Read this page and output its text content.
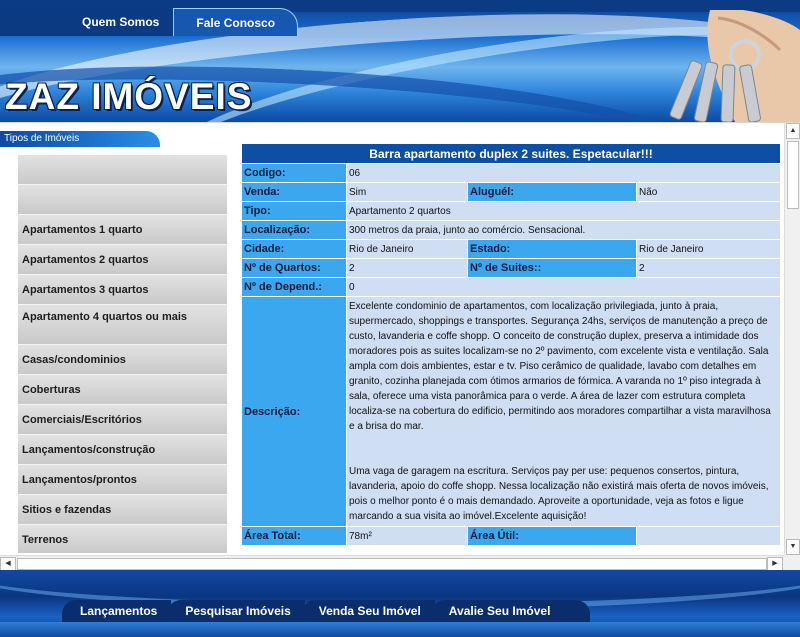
Quem Somos	Fale Conosco
ZAZ IMÓVEIS
Tipos de Imóveis
Apartamentos 1 quarto
Apartamentos 2 quartos
Apartamentos 3 quartos
Apartamento 4 quartos ou mais
Casas/condominios
Coberturas
Comerciais/Escritórios
Lançamentos/construção
Lançamentos/prontos
Sitios e fazendas
Terrenos
Barra apartamento duplex 2 suites. Espetacular!!!			
Codigo:	06		
Venda:	Sim	Aluguél:	Não
Tipo:	Apartamento 2 quartos		
Localização:	300 metros da praia, junto ao comércio. Sensacional.		
Cidade:	Rio de Janeiro	Estado:	Rio de Janeiro
Nº de Quartos:	2	Nº de Suites::	2
Nº de Depend.:	0		
Descrição:	Excelente condominio de apartamentos, com localização privilegiada, junto à praia, supermercado, shoppings e transportes. Segurança 24hs, serviços de manutenção a preço de custo, lavanderia e coffe shopp. O conceito de construção duplex, preserva a intimidade dos moradores pois as suites localizam-se no 2º pavimento, com excelente vista e ventilação. Sala ampla com dois ambientes, estar e tv. Piso cerâmico de qualidade, lavabo com detalhes em granito, cozinha planejada com ótimos armarios de fórmica. A varanda no 1º piso integrada à sala, oferece uma vista panorâmica para o verde. A área de lazer com estrutura completa localiza-se na cobertura do edificio, permitindo aos moradores compartilhar a vista maravilhosa e a brisa do mar.

Uma vaga de garagem na escritura. Serviços pay per use: pequenos consertos, pintura, lavanderia, apoio do coffe shopp. Nessa localização não existirá mais oferta de novos imóveis, pois o melhor ponto é o mais demandado. Aproveite a oportunidade, veja as fotos e ligue marcando a sua visita ao imóvel.Excelente aquisição!		

Área Total:	78m²	Área Útil:	
▲
▼
◀	▶
Lançamentos	Pesquisar Imóveis	Venda Seu Imóvel	Avalie Seu Imóvel
